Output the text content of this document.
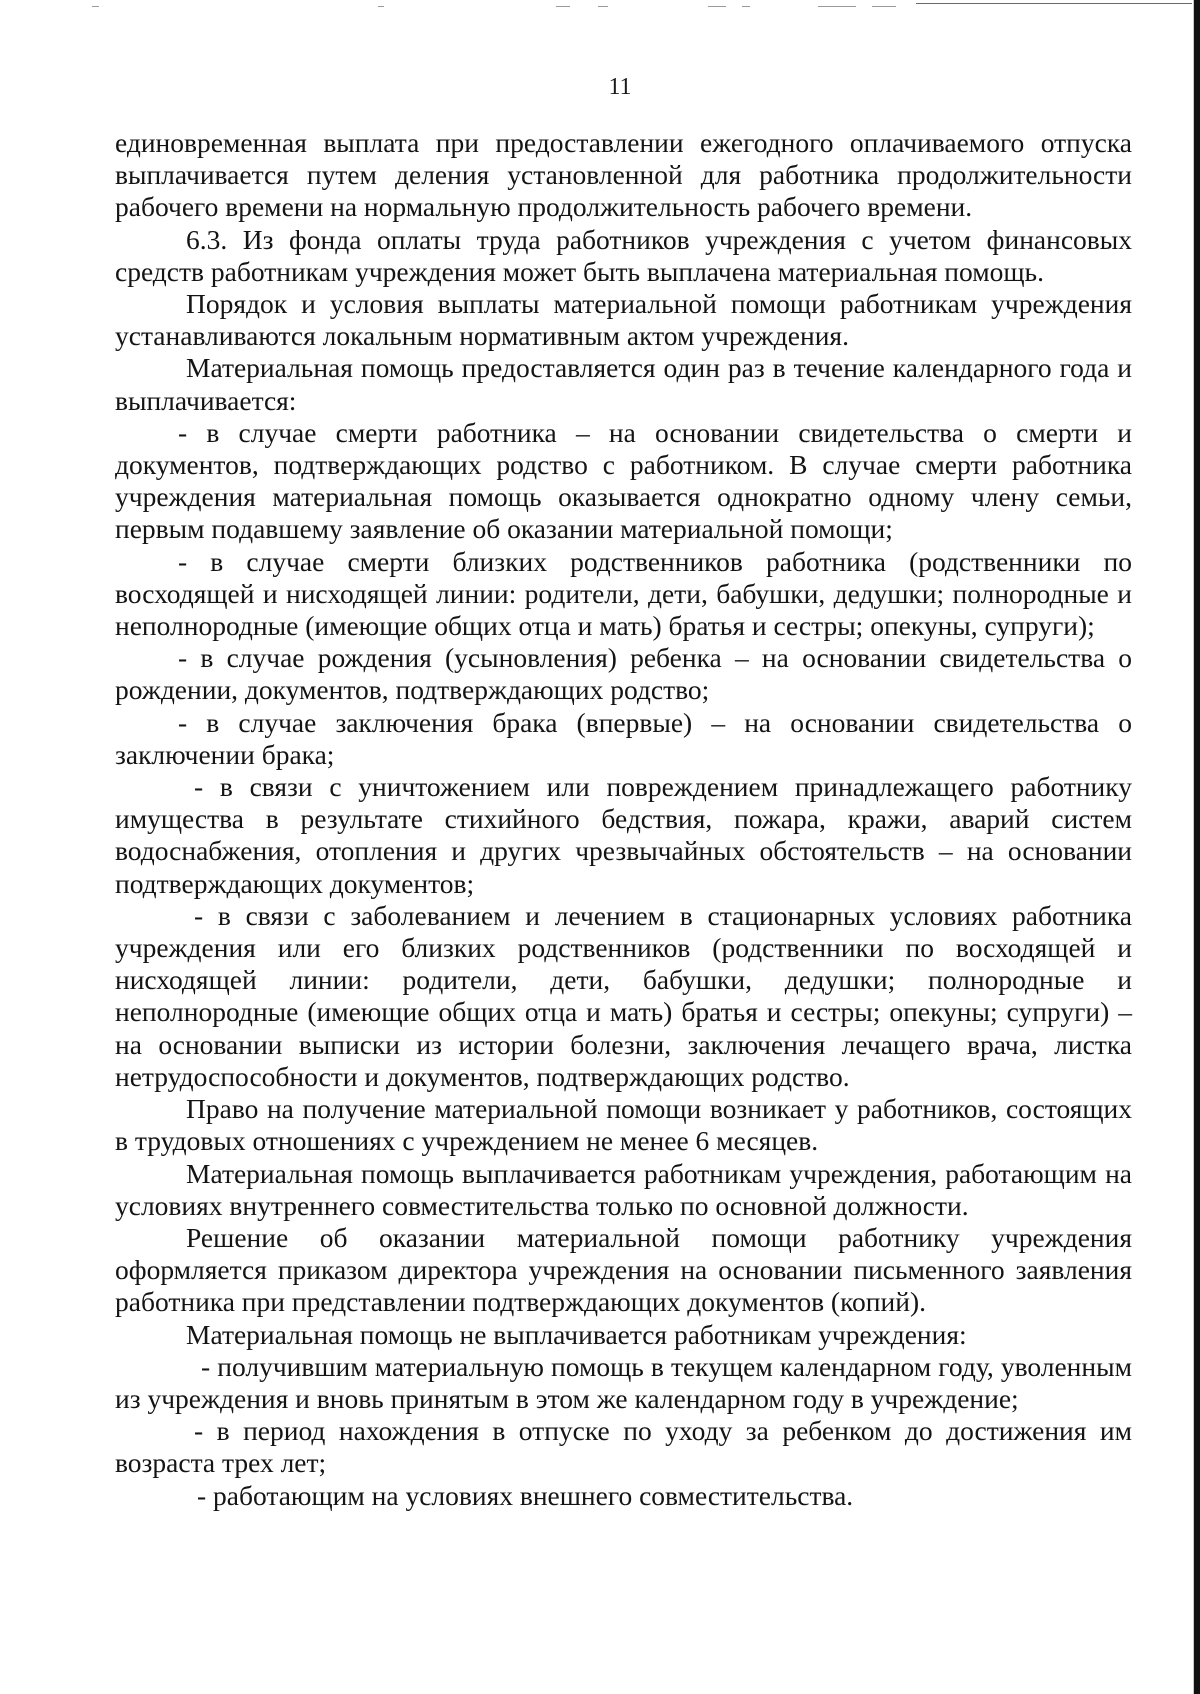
11

единовременная выплата при предоставлении ежегодного оплачиваемого отпуска выплачивается путем деления установленной для работника продолжительности рабочего времени на нормальную продолжительность рабочего времени.

6.3. Из фонда оплаты труда работников учреждения с учетом финансовых средств работникам учреждения может быть выплачена материальная помощь.

Порядок и условия выплаты материальной помощи работникам учреждения устанавливаются локальным нормативным актом учреждения.

Материальная помощь предоставляется один раз в течение календарного года и выплачивается:

- в случае смерти работника – на основании свидетельства о смерти и документов, подтверждающих родство с работником. В случае смерти работника учреждения материальная помощь оказывается однократно одному члену семьи, первым подавшему заявление об оказании материальной помощи;

- в случае смерти близких родственников работника (родственники по восходящей и нисходящей линии: родители, дети, бабушки, дедушки; полнородные и неполнородные (имеющие общих отца и мать) братья и сестры; опекуны, супруги);

- в случае рождения (усыновления) ребенка – на основании свидетельства о рождении, документов, подтверждающих родство;

- в случае заключения брака (впервые) – на основании свидетельства о заключении брака;

- в связи с уничтожением или повреждением принадлежащего работнику имущества в результате стихийного бедствия, пожара, кражи, аварий систем водоснабжения, отопления и других чрезвычайных обстоятельств – на основании подтверждающих документов;

- в связи с заболеванием и лечением в стационарных условиях работника учреждения или его близких родственников (родственники по восходящей и нисходящей линии: родители, дети, бабушки, дедушки; полнородные и неполнородные (имеющие общих отца и мать) братья и сестры; опекуны; супруги) – на основании выписки из истории болезни, заключения лечащего врача, листка нетрудоспособности и документов, подтверждающих родство.

Право на получение материальной помощи возникает у работников, состоящих в трудовых отношениях с учреждением не менее 6 месяцев.

Материальная помощь выплачивается работникам учреждения, работающим на условиях внутреннего совместительства только по основной должности.

Решение об оказании материальной помощи работнику учреждения оформляется приказом директора учреждения на основании письменного заявления работника при представлении подтверждающих документов (копий).

Материальная помощь не выплачивается работникам учреждения:

- получившим материальную помощь в текущем календарном году, уволенным из учреждения и вновь принятым в этом же календарном году в учреждение;

- в период нахождения в отпуске по уходу за ребенком до достижения им возраста трех лет;

- работающим на условиях внешнего совместительства.
